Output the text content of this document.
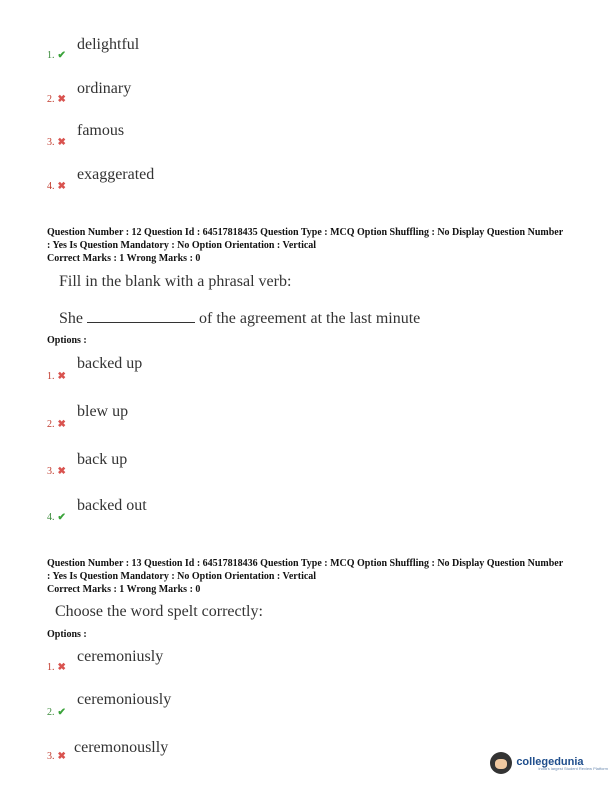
1. ✔
delightful
2. ✖
ordinary
3. ✖
famous
4. ✖
exaggerated
Question Number : 12 Question Id : 64517818435 Question Type : MCQ Option Shuffling : No Display Question Number : Yes Is Question Mandatory : No Option Orientation : Vertical
Correct Marks : 1 Wrong Marks : 0
Fill in the blank with a phrasal verb:
She	of the agreement at the last minute
Options :
1. ✖
backed up
2. ✖
blew up
3. ✖
back up
4. ✔
backed out
Question Number : 13 Question Id : 64517818436 Question Type : MCQ Option Shuffling : No Display Question Number : Yes Is Question Mandatory : No Option Orientation : Vertical
Correct Marks : 1 Wrong Marks : 0
Choose the word spelt correctly:
Options :
1. ✖
ceremoniusly
2. ✔
ceremoniously
3. ✖
ceremonouslly
collegedunia
India's largest Student Review Platform
